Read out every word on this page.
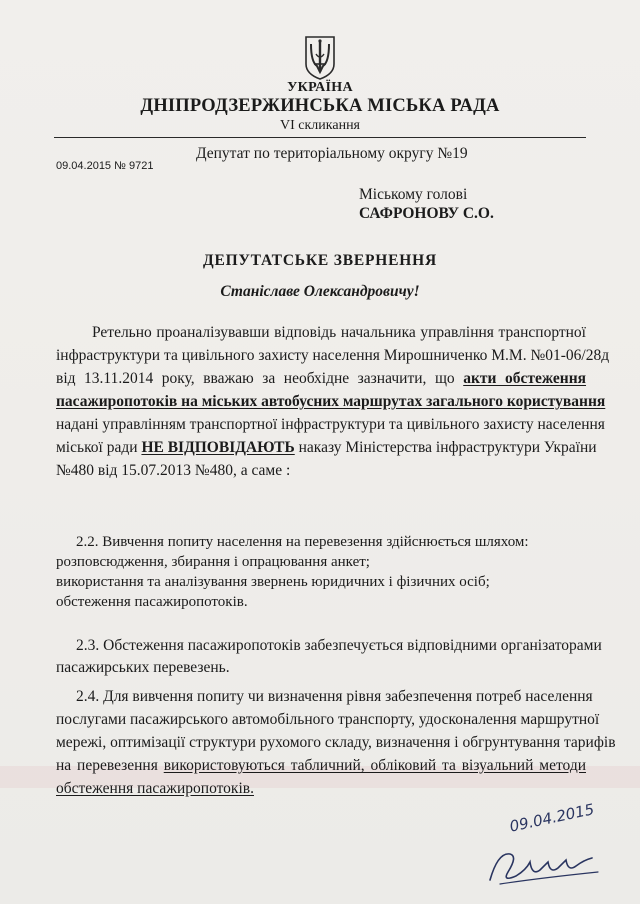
УКРАЇНА
ДНІПРОДЗЕРЖИНСЬКА МІСЬКА РАДА
VI скликання
Депутат по територіальному округу №19
09.04.2015 № 9721
Міському голові
САФРОНОВУ С.О.
ДЕПУТАТСЬКЕ ЗВЕРНЕННЯ
Станіславе Олександровичу!
Ретельно проаналізувавши відповідь начальника управління транспортної
інфраструктури та цивільного захисту населення Мирошниченко М.М. №01-06/28д
від 13.11.2014 року, вважаю за необхідне зазначити, що акти обстеження
пасажиропотоків на міських автобусних маршрутах загального користування
надані управлінням транспортної інфраструктури та цивільного захисту населення
міської ради НЕ ВІДПОВІДАЮТЬ наказу Міністерства інфраструктури України
№480 від 15.07.2013 №480, а саме :
2.2. Вивчення попиту населення на перевезення здійснюється шляхом:
розповсюдження, збирання і опрацювання анкет;
використання та аналізування звернень юридичних і фізичних осіб;
обстеження пасажиропотоків.
2.3. Обстеження пасажиропотоків забезпечується відповідними організаторами
пасажирських перевезень.
2.4. Для вивчення попиту чи визначення рівня забезпечення потреб населення
послугами пасажирського автомобільного транспорту, удосконалення маршрутної
мережі, оптимізації структури рухомого складу, визначення і обгрунтування тарифів
на перевезення використовуються табличний, обліковий та візуальний методи
обстеження пасажиропотоків.
09.04.2015
